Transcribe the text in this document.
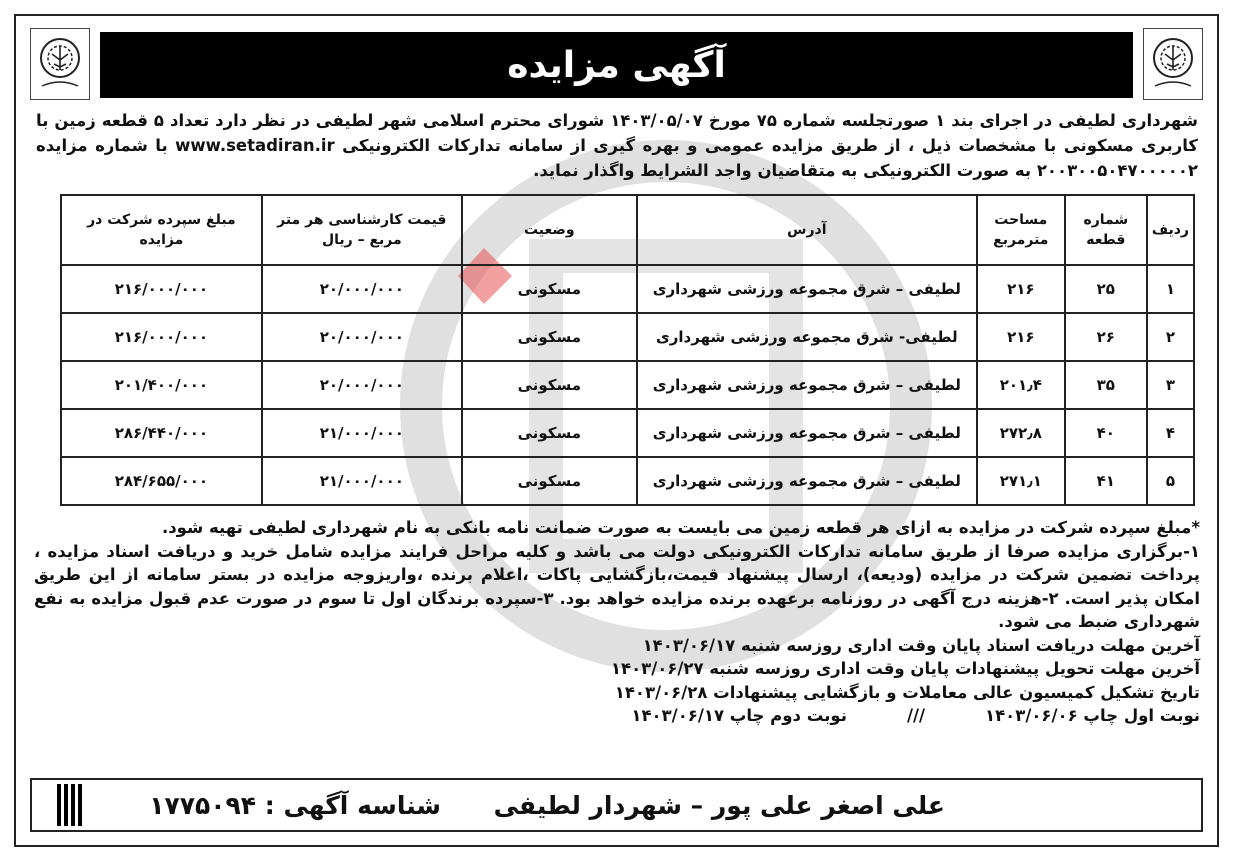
آگهی مزایده
شهرداری لطیفی در اجرای بند ۱ صورتجلسه شماره ۷۵ مورخ ۱۴۰۳/۰۵/۰۷ شورای محترم اسلامی شهر لطیفی در نظر دارد تعداد ۵ قطعه زمین با کاربری مسکونی با مشخصات ذیل ، از طریق مزایده عمومی و بهره گیری از سامانه تدارکات الکترونیکی www.setadiran.ir با شماره مزایده ۲۰۰۳۰۰۵۰۴۷۰۰۰۰۰۲ به صورت الکترونیکی به متقاضیان واجد الشرایط واگذار نماید.
ردیف	شماره قطعه	مساحت مترمربع	آدرس	وضعیت	قیمت کارشناسی هر متر مربع – ریال	مبلغ سپرده شرکت در مزایده
۱	۲۵	۲۱۶	لطیفی – شرق مجموعه ورزشی شهرداری	مسکونی	۲۰/۰۰۰/۰۰۰	۲۱۶/۰۰۰/۰۰۰
۲	۲۶	۲۱۶	لطیفی- شرق مجموعه ورزشی شهرداری	مسکونی	۲۰/۰۰۰/۰۰۰	۲۱۶/۰۰۰/۰۰۰
۳	۳۵	۲۰۱٫۴	لطیفی – شرق مجموعه ورزشی شهرداری	مسکونی	۲۰/۰۰۰/۰۰۰	۲۰۱/۴۰۰/۰۰۰
۴	۴۰	۲۷۲٫۸	لطیفی – شرق مجموعه ورزشی شهرداری	مسکونی	۲۱/۰۰۰/۰۰۰	۲۸۶/۴۴۰/۰۰۰
۵	۴۱	۲۷۱٫۱	لطیفی – شرق مجموعه ورزشی شهرداری	مسکونی	۲۱/۰۰۰/۰۰۰	۲۸۴/۶۵۵/۰۰۰

*مبلغ سپرده شرکت در مزایده به ازای هر قطعه زمین می بایست به صورت ضمانت نامه بانکی به نام شهرداری لطیفی تهیه شود.

۱-برگزاری مزایده صرفا از طریق سامانه تدارکات الکترونیکی دولت می باشد و کلیه مراحل فرایند مزایده شامل خرید و دریافت اسناد مزایده ، پرداخت تضمین شرکت در مزایده (ودیعه)، ارسال پیشنهاد قیمت،بازگشایی پاکات ،اعلام برنده ،واریزوجه مزایده در بستر سامانه از این طریق امکان پذیر است. ۲-هزینه درج آگهی در روزنامه برعهده برنده مزایده خواهد بود. ۳-سپرده برندگان اول تا سوم در صورت عدم قبول مزایده به نفع شهرداری ضبط می شود.

آخرین مهلت دریافت اسناد پایان وقت اداری روزسه شنبه ۱۴۰۳/۰۶/۱۷

آخرین مهلت تحویل پیشنهادات پایان وقت اداری روزسه شنبه ۱۴۰۳/۰۶/۲۷

تاریخ تشکیل کمیسیون عالی معاملات و بازگشایی پیشنهادات ۱۴۰۳/۰۶/۲۸

نوبت اول چاپ ۱۴۰۳/۰۶/۰۶
///
نوبت دوم چاپ ۱۴۰۳/۰۶/۱۷

علی اصغر علی پور – شهردار لطیفی
شناسه آگهی : ۱۷۷۵۰۹۴
